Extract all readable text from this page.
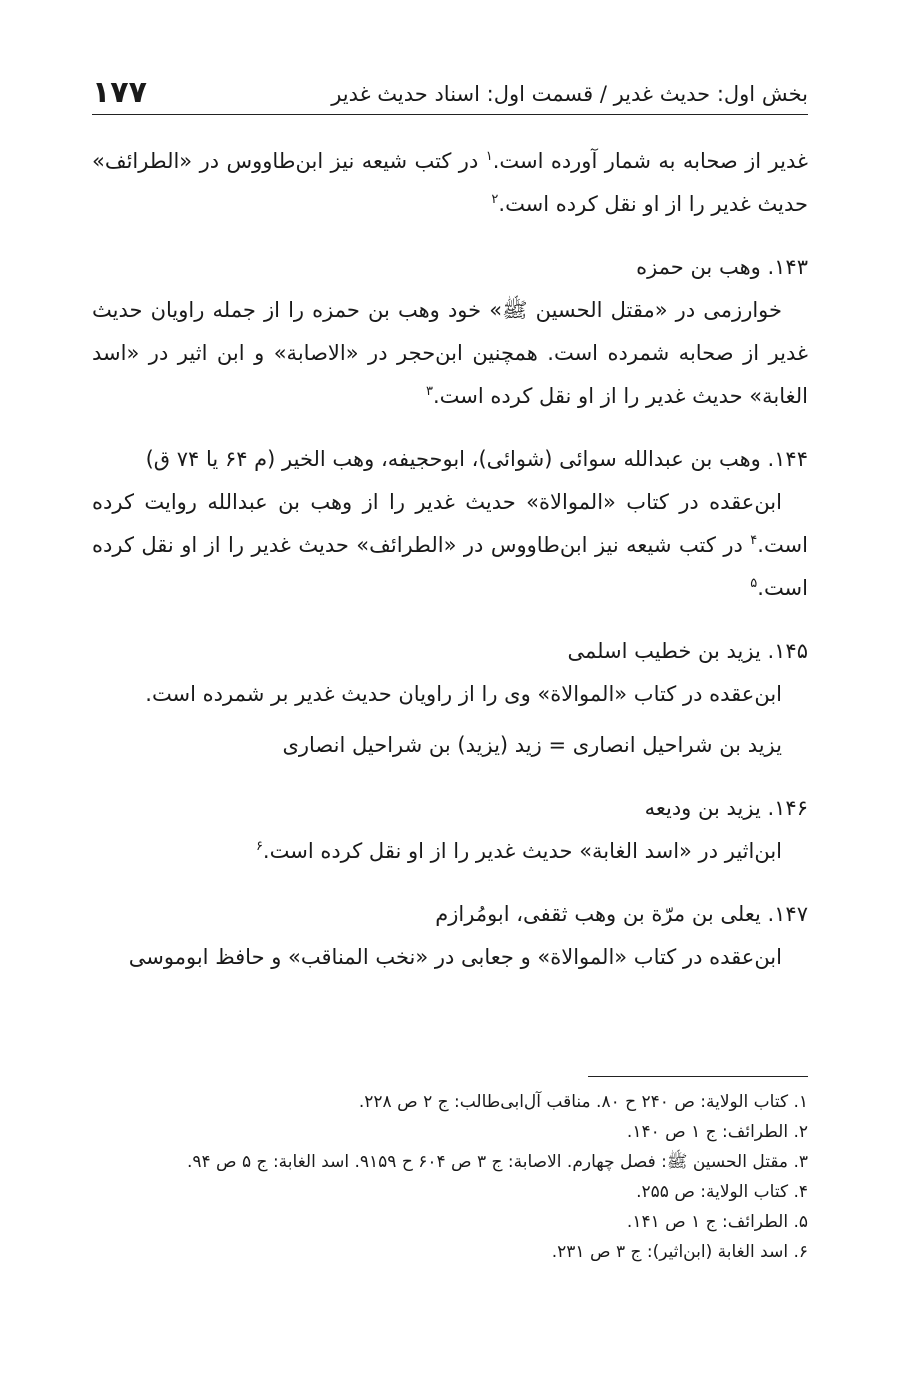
بخش اول: حدیث غدیر / قسمت اول: اسناد حدیث غدیر
۱۷۷

غدیر از صحابه به شمار آورده است.$^۱$ در کتب شیعه نیز ابن‌طاووس در «الطرائف» حدیث غدیر را از او نقل کرده است.$^۲$

۱۴۳. وهب بن حمزه

خوارزمی در «مقتل الحسین ﷺ» خود وهب بن حمزه را از جمله راویان حدیث غدیر از صحابه شمرده است. همچنین ابن‌حجر در «الاصابة» و ابن اثیر در «اسد الغابة» حدیث غدیر را از او نقل کرده است.$^۳$

۱۴۴. وهب بن عبدالله سوائی (شوائی)، ابوحجیفه، وهب الخیر (م ۶۴ یا ۷۴ ق)

ابن‌عقده در کتاب «الموالاة» حدیث غدیر را از وهب بن عبدالله روایت کرده است.$^۴$ در کتب شیعه نیز ابن‌طاووس در «الطرائف» حدیث غدیر را از او نقل کرده است.$^۵$

۱۴۵. یزید بن خطیب اسلمی

ابن‌عقده در کتاب «الموالاة» وی را از راویان حدیث غدیر بر شمرده است.

یزید بن شراحیل انصاری = زید (یزید) بن شراحیل انصاری

۱۴۶. یزید بن ودیعه

ابن‌اثیر در «اسد الغابة» حدیث غدیر را از او نقل کرده است.$^۶$

۱۴۷. یعلی بن مرّة بن وهب ثقفی، ابومُرازم

ابن‌عقده در کتاب «الموالاة» و جعابی در «نخب المناقب» و حافظ ابوموسی

۱. کتاب الولایة: ص ۲۴۰ ح ۸۰. مناقب آل‌ابی‌طالب: ج ۲ ص ۲۲۸.
۲. الطرائف: ج ۱ ص ۱۴۰.
۳. مقتل الحسین ﷺ: فصل چهارم. الاصابة: ج ۳ ص ۶۰۴ ح ۹۱۵۹. اسد الغابة: ج ۵ ص ۹۴.
۴. کتاب الولایة: ص ۲۵۵.
۵. الطرائف: ج ۱ ص ۱۴۱.
۶. اسد الغابة (ابن‌اثیر): ج ۳ ص ۲۳۱.
